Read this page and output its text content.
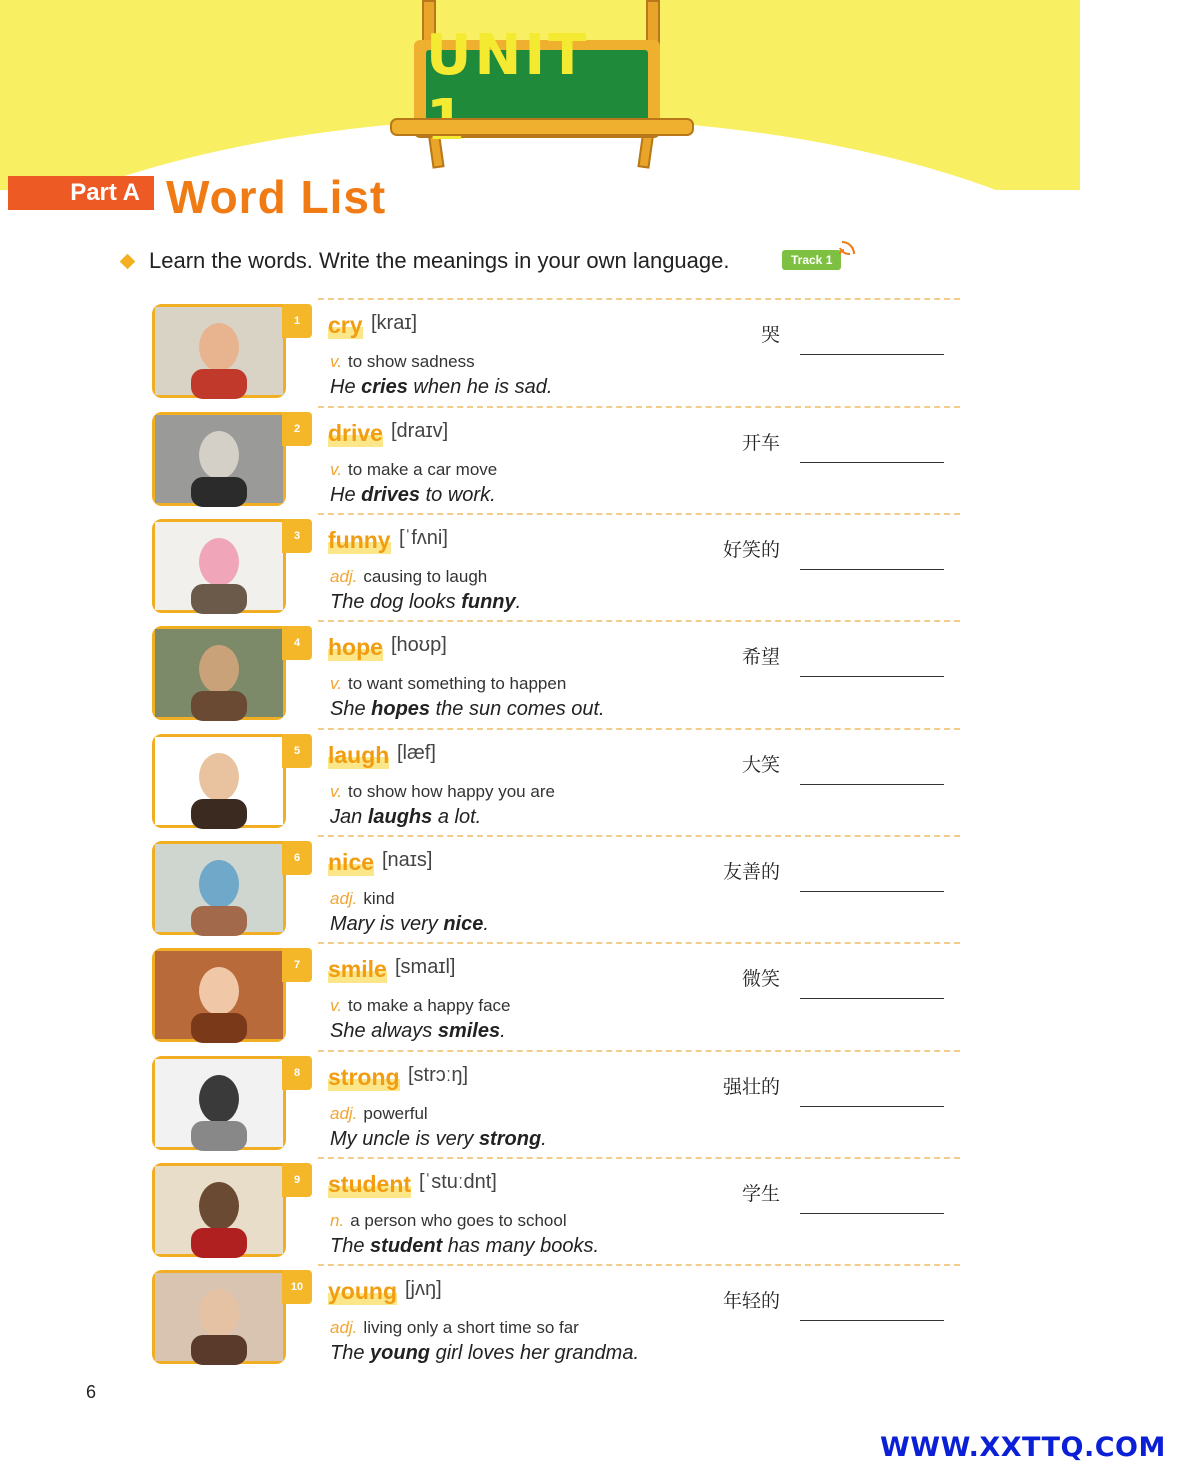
UNIT
Part A Word List
Learn the words. Write the meanings in your own language.	Track 1
1	cry
v. to show sadness
He cries when he is sad.
哭
[kraɪ]
2	drive
v. to make a car move
He drives to work.
开车
[draɪv]
3	funny
adj. causing to laugh
The dog looks funny.
好笑的
[ˈfʌni]
4	hope
v. to want something to happen
She hopes the sun comes out.
希望
[hoʊp]
5	laugh
v. to show how happy you are
Jan laughs a lot.
大笑
[læf]
6	nice
adj. kind
Mary is very nice.
友善的
[naɪs]
7	smile
v. to make a happy face
She always smiles.
微笑
[smaɪl]
8	strong
adj. powerful
My uncle is very strong.
强壮的
[strɔːŋ]
9	student
n. a person who goes to school
The student has many books.
学生
[ˈstuːdnt]
10	young
adj. living only a short time so far
The young girl loves her grandma.
年轻的
[jʌŋ]
6
WWW.XXTTQ.COM
